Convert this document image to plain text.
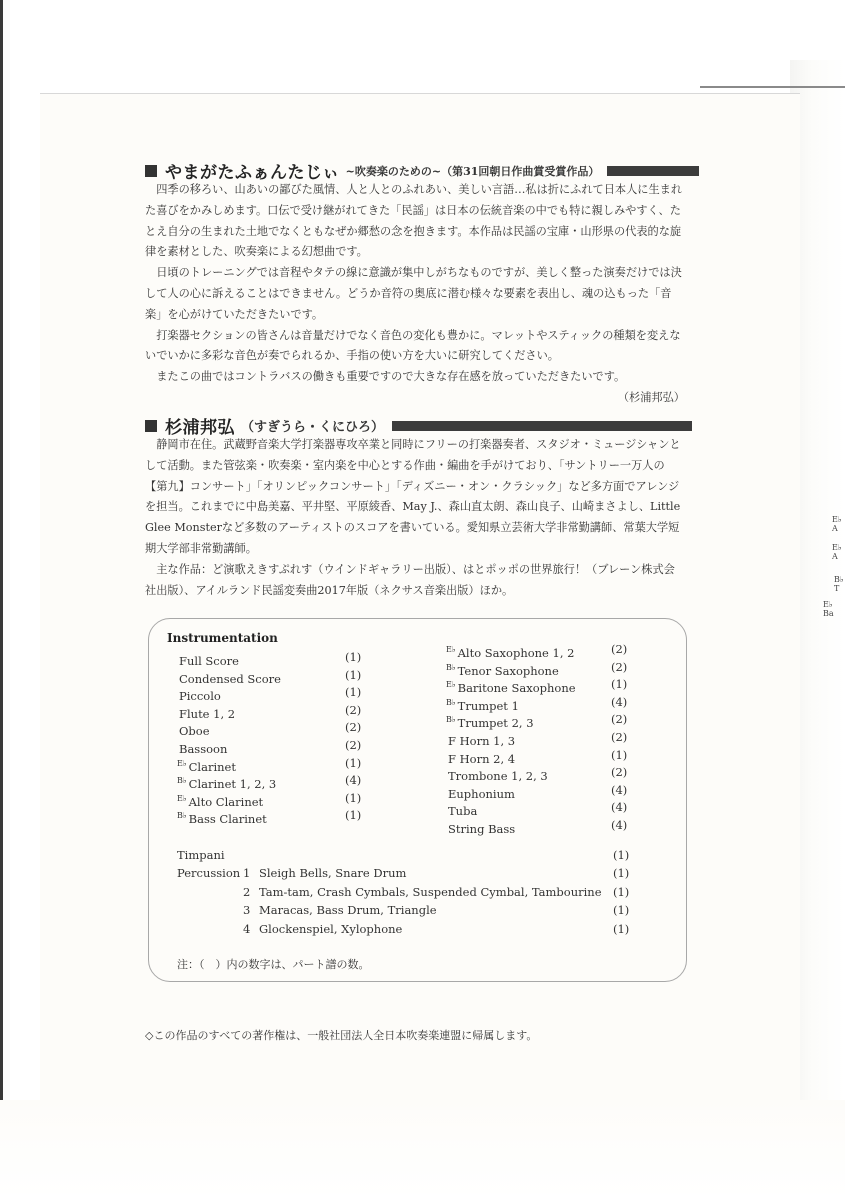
やまがたふぁんたじぃ ~吹奏楽のための~（第31回朝日作曲賞受賞作品）

四季の移ろい、山あいの鄙びた風情、人と人とのふれあい、美しい言語…私は折にふれて日本人に生まれた喜びをかみしめます。口伝で受け継がれてきた「民謡」は日本の伝統音楽の中でも特に親しみやすく、たとえ自分の生まれた土地でなくともなぜか郷愁の念を抱きます。本作品は民謡の宝庫・山形県の代表的な旋律を素材とした、吹奏楽による幻想曲です。

日頃のトレーニングでは音程やタテの線に意識が集中しがちなものですが、美しく整った演奏だけでは決して人の心に訴えることはできません。どうか音符の奥底に潜む様々な要素を表出し、魂の込もった「音楽」を心がけていただきたいです。

打楽器セクションの皆さんは音量だけでなく音色の変化も豊かに。マレットやスティックの種類を変えないでいかに多彩な音色が奏でられるか、手指の使い方を大いに研究してください。

またこの曲ではコントラバスの働きも重要ですので大きな存在感を放っていただきたいです。

（杉浦邦弘）
杉浦邦弘 （すぎうら・くにひろ）

静岡市在住。武蔵野音楽大学打楽器専攻卒業と同時にフリーの打楽器奏者、スタジオ・ミュージシャンとして活動。また管弦楽・吹奏楽・室内楽を中心とする作曲・編曲を手がけており、「サントリー一万人の【第九】コンサート」「オリンピックコンサート」「ディズニー・オン・クラシック」など多方面でアレンジを担当。これまでに中島美嘉、平井堅、平原綾香、May J.、森山直太朗、森山良子、山崎まさよし、Little Glee Monsterなど多数のアーティストのスコアを書いている。愛知県立芸術大学非常勤講師、常葉大学短期大学部非常勤講師。

主な作品：ど演歌えきすぷれす（ウインドギャラリー出版）、はとポッポの世界旅行！（ブレーン株式会社出版）、アイルランド民謡変奏曲2017年版（ネクサス音楽出版）ほか。

Instrumentation
Full Score	(1)
Condensed Score	(1)
Piccolo	(1)
Flute 1, 2	(2)
Oboe	(2)
Bassoon	(2)
$^{E♭}$ Clarinet	(1)
$^{B♭}$ Clarinet 1, 2, 3	(4)
$^{E♭}$ Alto Clarinet	(1)
$^{B♭}$ Bass Clarinet	(1)
$^{E♭}$ Alto Saxophone 1, 2	(2)
$^{B♭}$ Tenor Saxophone	(2)
$^{E♭}$ Baritone Saxophone	(1)
$^{B♭}$ Trumpet 1	(4)
$^{B♭}$ Trumpet 2, 3	(2)
F Horn 1, 3	(2)
F Horn 2, 4	(1)
Trombone 1, 2, 3	(2)
Euphonium	(4)
Tuba	(4)
String Bass	(4)
Timpani	(1)
Percussion 1 Sleigh Bells, Snare Drum	(1)
2 Tam-tam, Crash Cymbals, Suspended Cymbal, Tambourine (1)
3 Maracas, Bass Drum, Triangle	(1)
4 Glockenspiel, Xylophone	(1)
注：（　）内の数字は、パート譜の数。
◇この作品のすべての著作権は、一般社団法人全日本吹奏楽連盟に帰属します。
E♭ A
E♭ A
B♭ T
E♭ Ba
